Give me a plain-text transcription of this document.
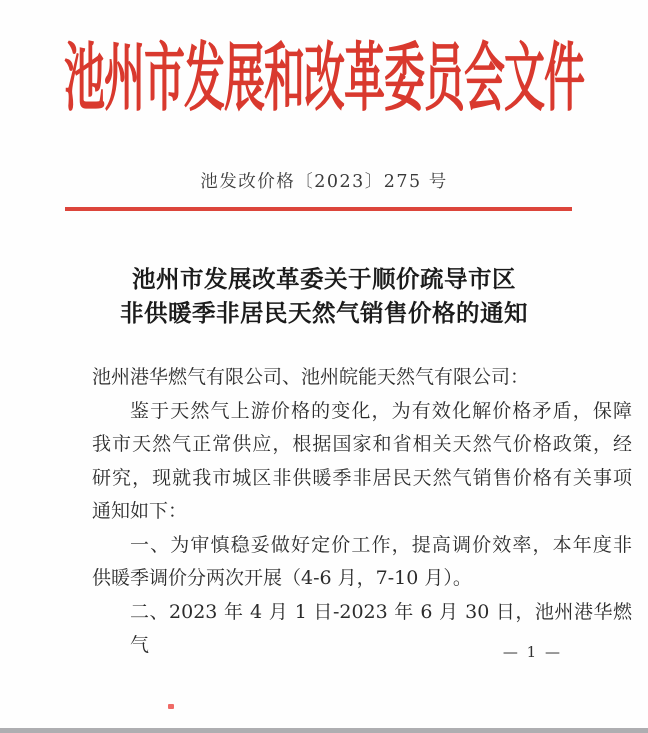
池州市发展和改革委员会文件
池发改价格〔2023〕275 号
池州市发展改革委关于顺价疏导市区
非供暖季非居民天然气销售价格的通知
池州港华燃气有限公司、池州皖能天然气有限公司：
鉴于天然气上游价格的变化，为有效化解价格矛盾，保障
我市天然气正常供应，根据国家和省相关天然气价格政策，经
研究，现就我市城区非供暖季非居民天然气销售价格有关事项
通知如下：
一、为审慎稳妥做好定价工作，提高调价效率，本年度非
供暖季调价分两次开展（4-6 月，7-10 月）。
二、2023 年 4 月 1 日-2023 年 6 月 30 日，池州港华燃气	— 1 —
